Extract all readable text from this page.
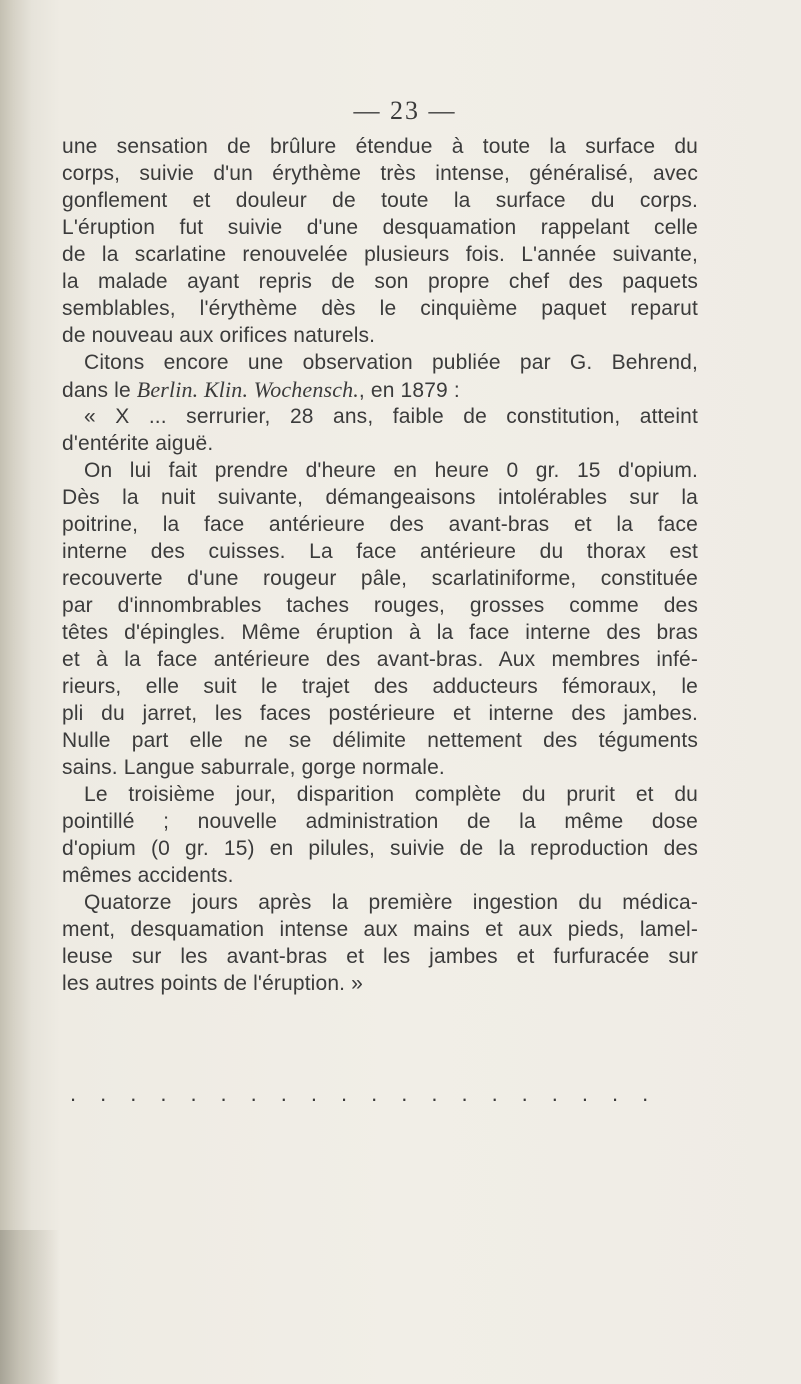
— 23 —
une sensation de brûlure étendue à toute la surface du
corps, suivie d'un érythème très intense, généralisé, avec
gonflement et douleur de toute la surface du corps.
L'éruption fut suivie d'une desquamation rappelant celle
de la scarlatine renouvelée plusieurs fois. L'année suivante,
la malade ayant repris de son propre chef des paquets
semblables, l'érythème dès le cinquième paquet reparut
de nouveau aux orifices naturels.
Citons encore une observation publiée par G. Behrend,
dans le Berlin. Klin. Wochensch., en 1879 :
« X ... serrurier, 28 ans, faible de constitution, atteint
d'entérite aiguë.
On lui fait prendre d'heure en heure 0 gr. 15 d'opium.
Dès la nuit suivante, démangeaisons intolérables sur la
poitrine, la face antérieure des avant-bras et la face
interne des cuisses. La face antérieure du thorax est
recouverte d'une rougeur pâle, scarlatiniforme, constituée
par d'innombrables taches rouges, grosses comme des
têtes d'épingles. Même éruption à la face interne des bras
et à la face antérieure des avant-bras. Aux membres infé-
rieurs, elle suit le trajet des adducteurs fémoraux, le
pli du jarret, les faces postérieure et interne des jambes.
Nulle part elle ne se délimite nettement des téguments
sains. Langue saburrale, gorge normale.
Le troisième jour, disparition complète du prurit et du
pointillé ; nouvelle administration de la même dose
d'opium (0 gr. 15) en pilules, suivie de la reproduction des
mêmes accidents.
Quatorze jours après la première ingestion du médica-
ment, desquamation intense aux mains et aux pieds, lamel-
leuse sur les avant-bras et les jambes et furfuracée sur
les autres points de l'éruption. »
....................
